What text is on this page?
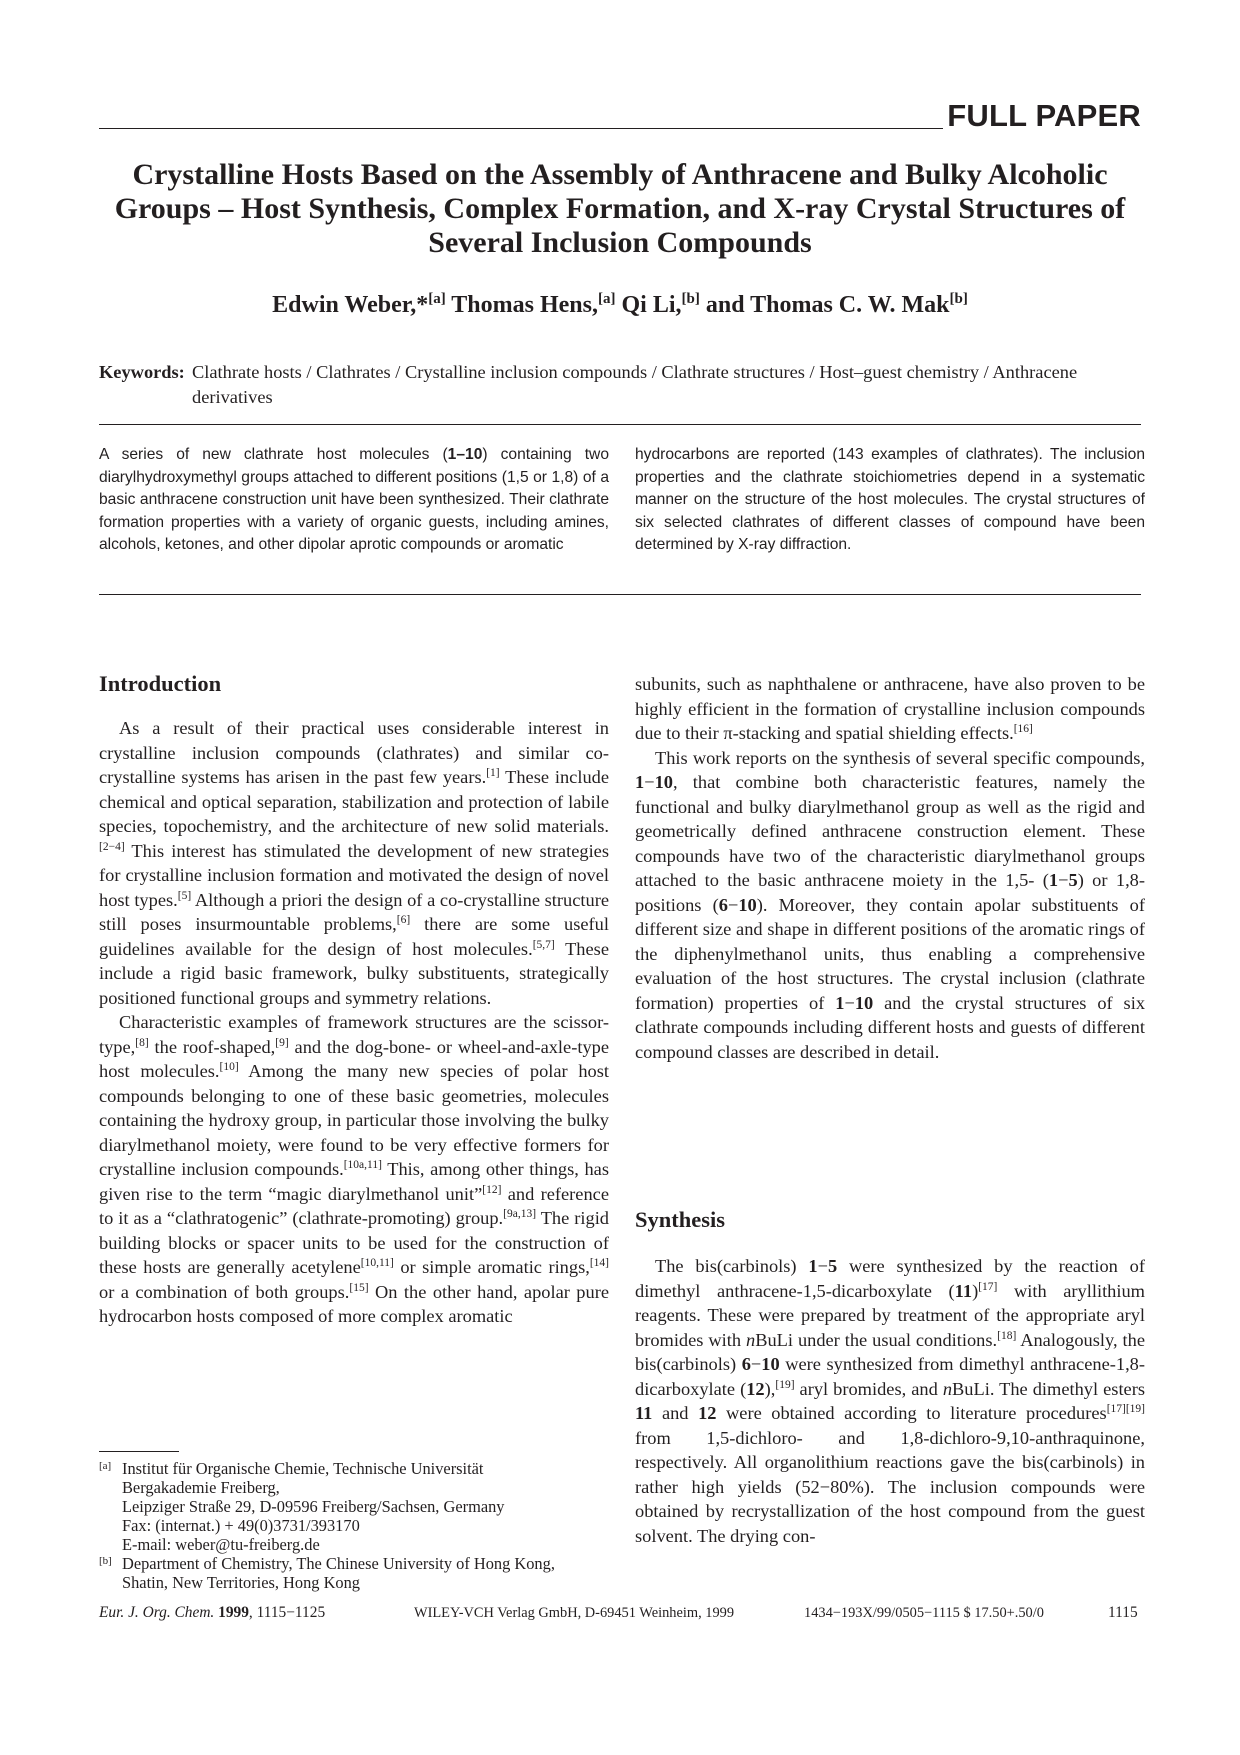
FULL PAPER
Crystalline Hosts Based on the Assembly of Anthracene and Bulky Alcoholic Groups – Host Synthesis, Complex Formation, and X-ray Crystal Structures of Several Inclusion Compounds
Edwin Weber,*[a] Thomas Hens,[a] Qi Li,[b] and Thomas C. W. Mak[b]
Keywords: Clathrate hosts / Clathrates / Crystalline inclusion compounds / Clathrate structures / Host–guest chemistry / Anthracene derivatives
A series of new clathrate host molecules (1–10) containing two diarylhydroxymethyl groups attached to different positions (1,5 or 1,8) of a basic anthracene construction unit have been synthesized. Their clathrate formation properties with a variety of organic guests, including amines, alcohols, ketones, and other dipolar aprotic compounds or aromatic
hydrocarbons are reported (143 examples of clathrates). The inclusion properties and the clathrate stoichiometries depend in a systematic manner on the structure of the host molecules. The crystal structures of six selected clathrates of different classes of compound have been determined by X-ray diffraction.
Introduction

As a result of their practical uses considerable interest in crystalline inclusion compounds (clathrates) and similar co-crystalline systems has arisen in the past few years.[1] These include chemical and optical separation, stabilization and protection of labile species, topochemistry, and the architecture of new solid materials.[2−4] This interest has stimulated the development of new strategies for crystalline inclusion formation and motivated the design of novel host types.[5] Although a priori the design of a co-crystalline structure still poses insurmountable problems,[6] there are some useful guidelines available for the design of host molecules.[5,7] These include a rigid basic framework, bulky substituents, strategically positioned functional groups and symmetry relations.

Characteristic examples of framework structures are the scissor-type,[8] the roof-shaped,[9] and the dog-bone- or wheel-and-axle-type host molecules.[10] Among the many new species of polar host compounds belonging to one of these basic geometries, molecules containing the hydroxy group, in particular those involving the bulky diarylmethanol moiety, were found to be very effective formers for crystalline inclusion compounds.[10a,11] This, among other things, has given rise to the term “magic diarylmethanol unit”[12] and reference to it as a “clathratogenic” (clathrate-promoting) group.[9a,13] The rigid building blocks or spacer units to be used for the construction of these hosts are generally acetylene[10,11] or simple aromatic rings,[14] or a combination of both groups.[15] On the other hand, apolar pure hydrocarbon hosts composed of more complex aromatic

[a] Institut für Organische Chemie, Technische Universität
Bergakademie Freiberg,
Leipziger Straße 29, D-09596 Freiberg/Sachsen, Germany
Fax: (internat.) + 49(0)3731/393170
E-mail: weber@tu-freiberg.de
[b] Department of Chemistry, The Chinese University of Hong Kong,
Shatin, New Territories, Hong Kong

subunits, such as naphthalene or anthracene, have also proven to be highly efficient in the formation of crystalline inclusion compounds due to their π-stacking and spatial shielding effects.[16]

This work reports on the synthesis of several specific compounds, 1−10, that combine both characteristic features, namely the functional and bulky diarylmethanol group as well as the rigid and geometrically defined anthracene construction element. These compounds have two of the characteristic diarylmethanol groups attached to the basic anthracene moiety in the 1,5- (1−5) or 1,8-positions (6−10). Moreover, they contain apolar substituents of different size and shape in different positions of the aromatic rings of the diphenylmethanol units, thus enabling a comprehensive evaluation of the host structures. The crystal inclusion (clathrate formation) properties of 1−10 and the crystal structures of six clathrate compounds including different hosts and guests of different compound classes are described in detail.

Synthesis

The bis(carbinols) 1−5 were synthesized by the reaction of dimethyl anthracene-1,5-dicarboxylate (11)[17] with aryllithium reagents. These were prepared by treatment of the appropriate aryl bromides with nBuLi under the usual conditions.[18] Analogously, the bis(carbinols) 6−10 were synthesized from dimethyl anthracene-1,8-dicarboxylate (12),[19] aryl bromides, and nBuLi. The dimethyl esters 11 and 12 were obtained according to literature procedures[17][19] from 1,5-dichloro- and 1,8-dichloro-9,10-anthraquinone, respectively. All organolithium reactions gave the bis(carbinols) in rather high yields (52−80%). The inclusion compounds were obtained by recrystallization of the host compound from the guest solvent. The drying con-

Eur. J. Org. Chem. 1999, 1115−1125	WILEY-VCH Verlag GmbH, D-69451 Weinheim, 1999	1434−193X/99/0505−1115 $ 17.50+.50/0	1115
